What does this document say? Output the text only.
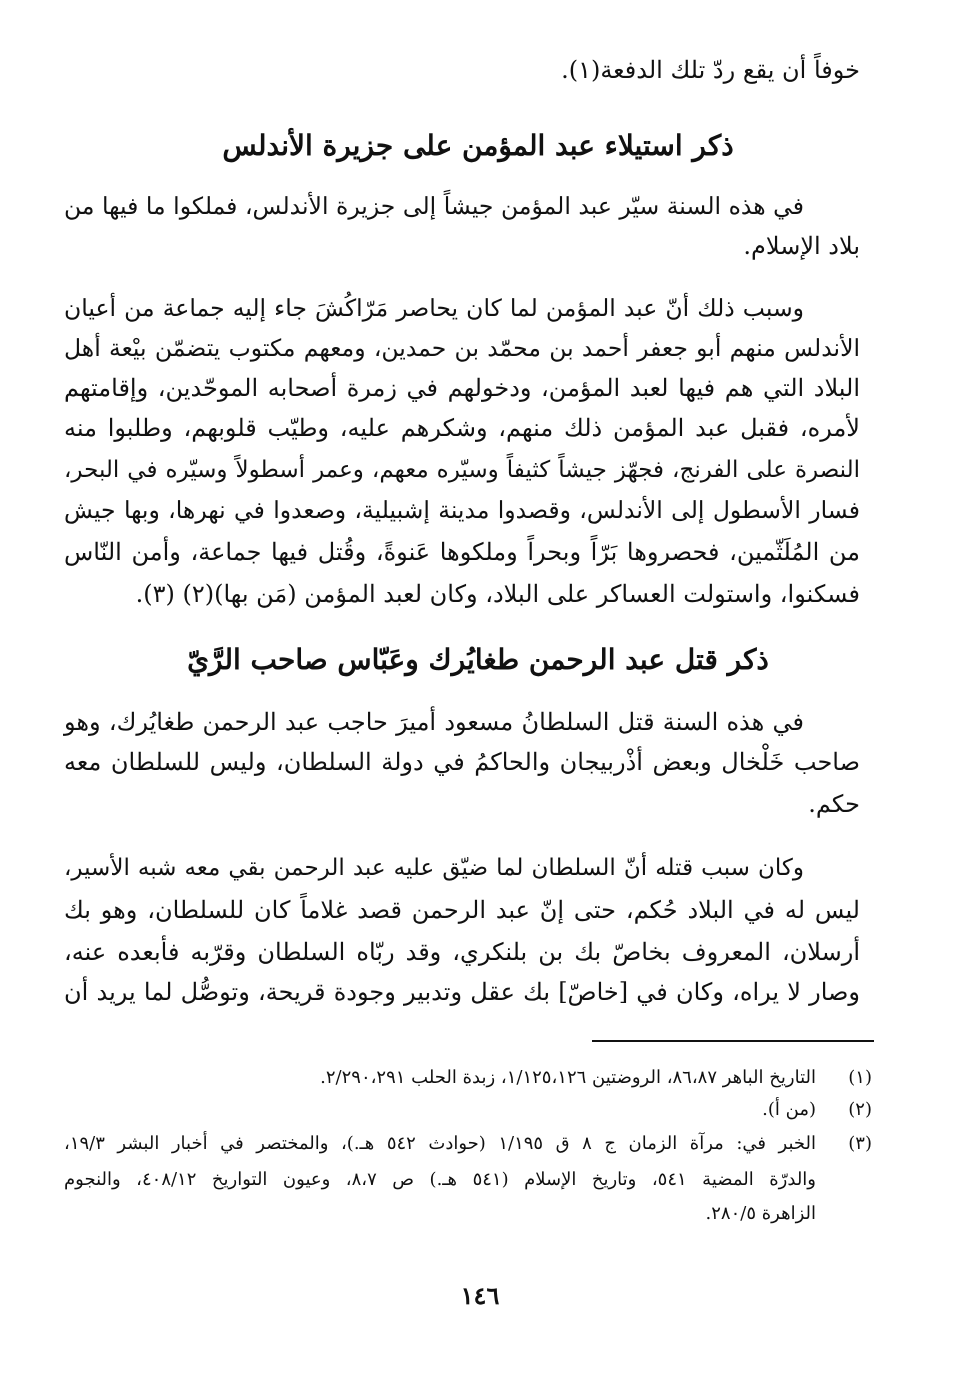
خوفاً أن يقع ردّ تلك الدفعة(١).
ذكر استيلاء عبد المؤمن على جزيرة الأندلس
في هذه السنة سيّر عبد المؤمن جيشاً إلى جزيرة الأندلس، فملكوا ما فيها من
بلاد الإسلام.
وسبب ذلك أنّ عبد المؤمن لما كان يحاصر مَرّاكُشَ جاء إليه جماعة من أعيان
الأندلس منهم أبو جعفر أحمد بن محمّد بن حمدين، ومعهم مكتوب يتضمّن بيْعة أهل
البلاد التي هم فيها لعبد المؤمن، ودخولهم في زمرة أصحابه الموحّدين، وإقامتهم
لأمره، فقبل عبد المؤمن ذلك منهم، وشكرهم عليه، وطيّب قلوبهم، وطلبوا منه
النصرة على الفرنج، فجهّز جيشاً كثيفاً وسيّره معهم، وعمر أسطولاً وسيّره في البحر،
فسار الأسطول إلى الأندلس، وقصدوا مدينة إشبيلية، وصعدوا في نهرها، وبها جيش
من المُلَثّمين، فحصروها بَرّاً وبحراً وملكوها عَنوةً، وقُتل فيها جماعة، وأمن النّاس
فسكنوا، واستولت العساكر على البلاد، وكان لعبد المؤمن (مَن بها)(٢) (٣).
ذكر قتل عبد الرحمن طغايُرك وعَبّاس صاحب الرَّيّ
في هذه السنة قتل السلطانُ مسعود أميرَ حاجب عبد الرحمن طغايُرك، وهو
صاحب خَلْخال وبعض أذْربيجان والحاكمُ في دولة السلطان، وليس للسلطان معه
حكم.
وكان سبب قتله أنّ السلطان لما ضيّق عليه عبد الرحمن بقي معه شبه الأسير،
ليس له في البلاد حُكم، حتى إنّ عبد الرحمن قصد غلاماً كان للسلطان، وهو بك
أرسلان، المعروف بخاصّ بك بن بلنكري، وقد ربّاه السلطان وقرّبه فأبعده عنه،
وصار لا يراه، وكان في [خاصّ] بك عقل وتدبير وجودة قريحة، وتوصُّل لما يريد أن
(١)
التاريخ الباهر ٨٦،٨٧، الروضتين ١/١٢٥،١٢٦، زبدة الحلب ٢/٢٩٠،٢٩١.
(٢)
(من أ).
(٣)
الخبر في: مرآة الزمان ج ٨ ق ١/١٩٥ (حوادث ٥٤٢ هـ.)، والمختصر في أخبار البشر ١٩/٣،
والدرّة المضية ٥٤١، وتاريخ الإسلام (٥٤١ هـ.) ص ٨،٧، وعيون التواريخ ٤٠٨/١٢، والنجوم
الزاهرة ٢٨٠/٥.
١٤٦
